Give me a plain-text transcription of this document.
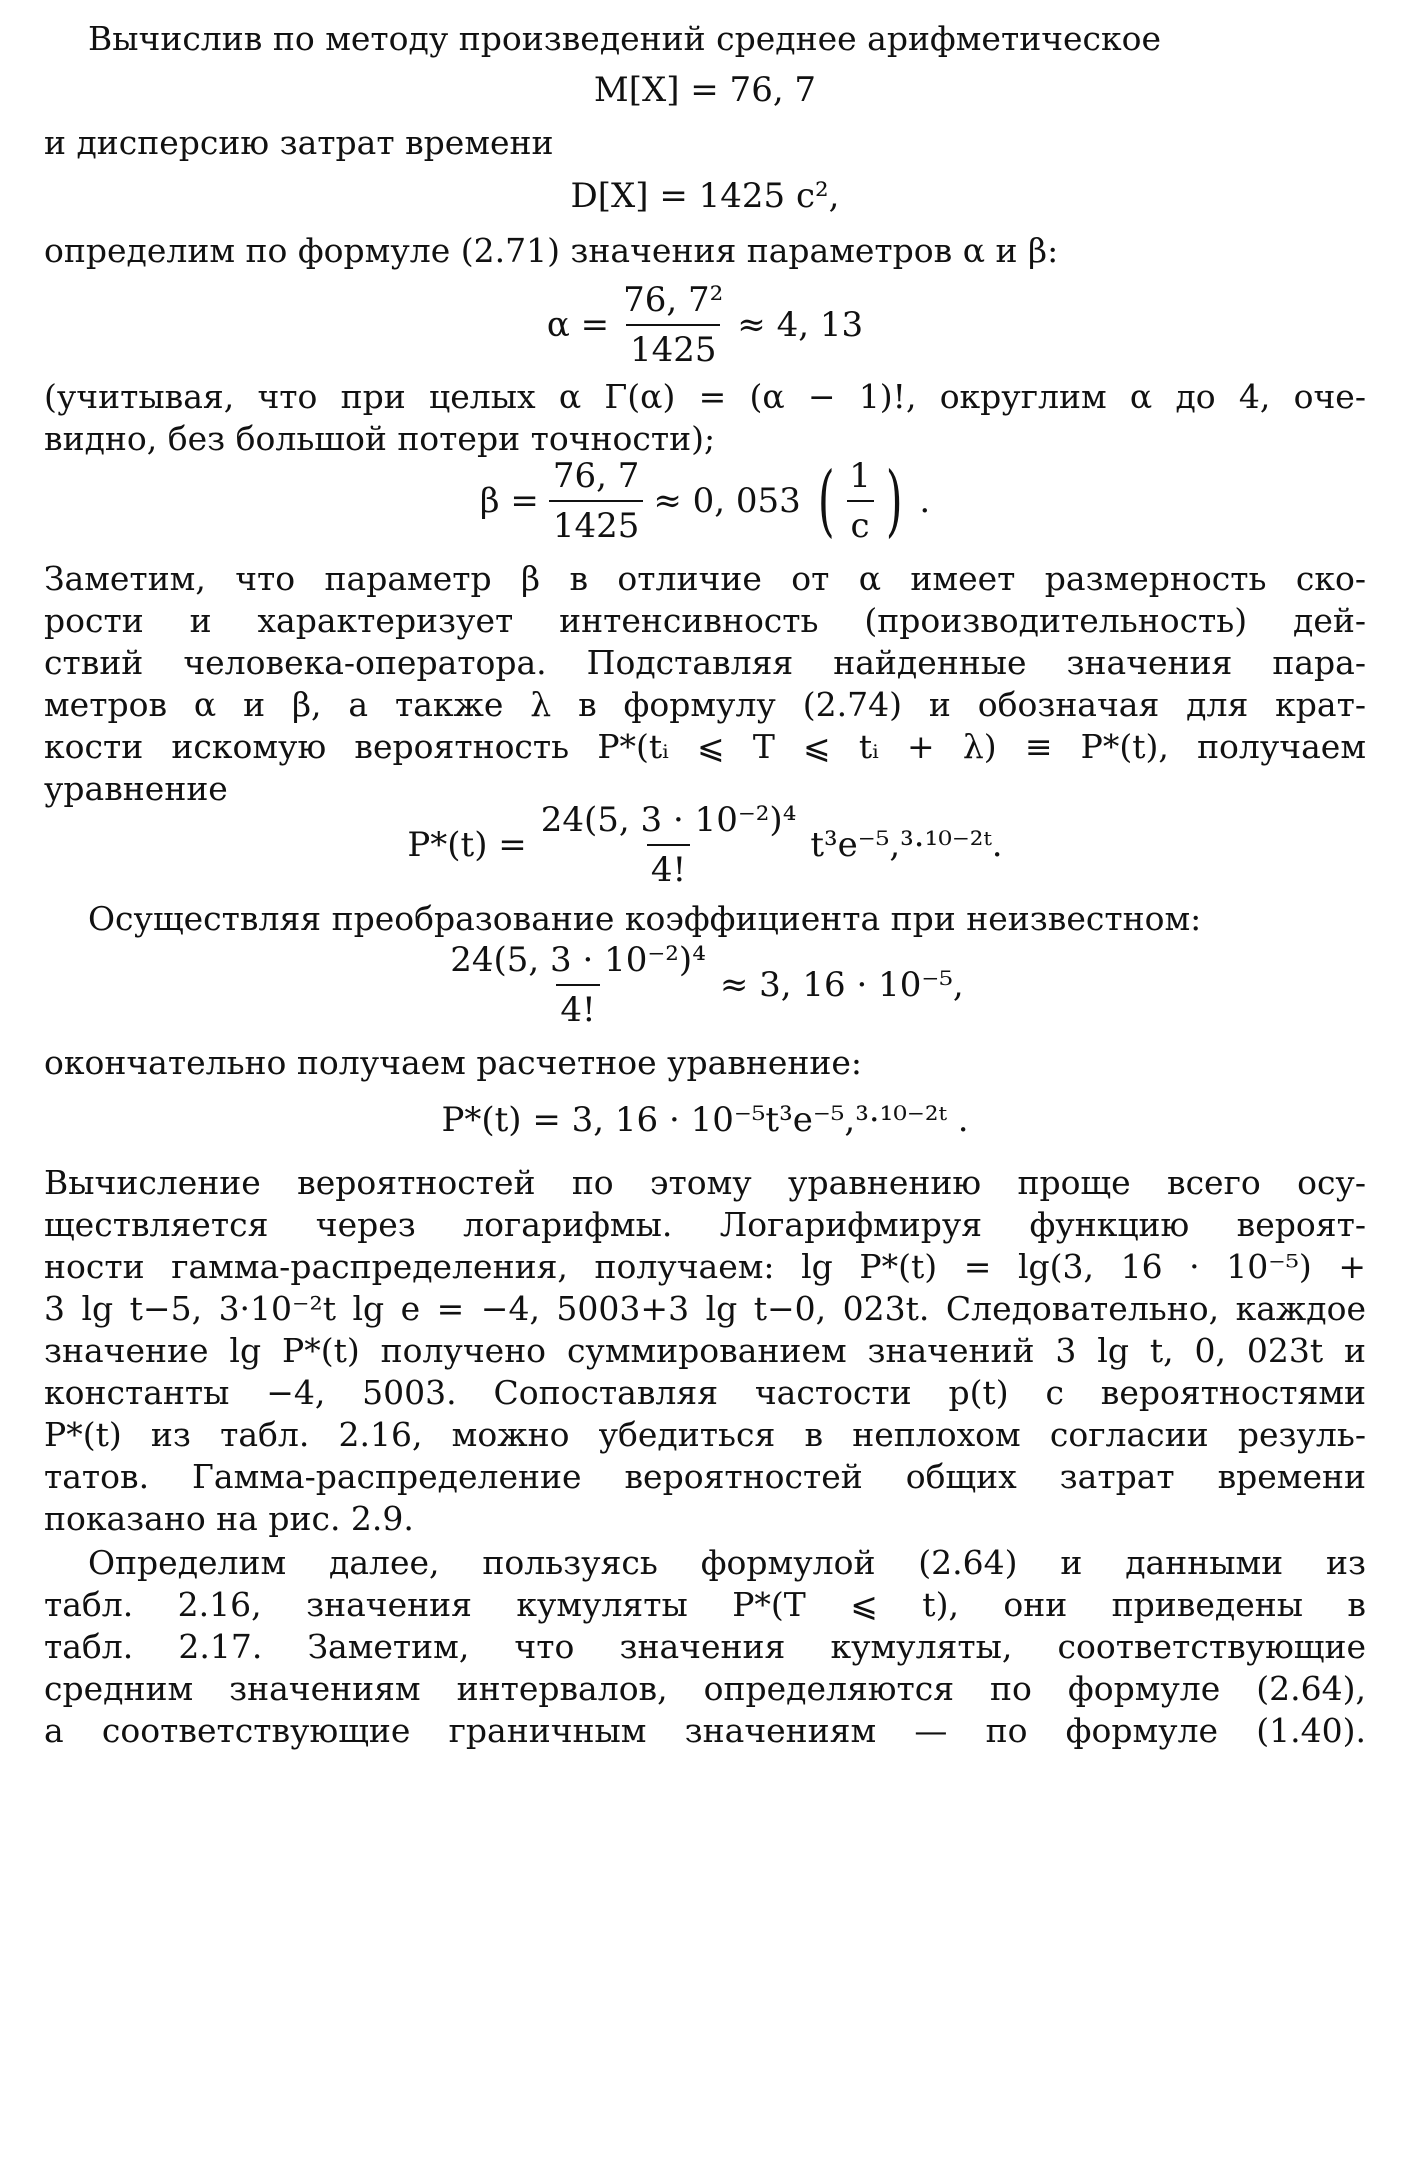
Вычислив по методу произведений среднее арифметическое
M[X] = 76, 7
и дисперсию затрат времени
D[X] = 1425 c²,
определим по формуле (2.71) значения параметров α и β:
$\alpha = \frac{\text{76, 7²}}{1425} \approx 4$, 13
(учитывая, что при целых α Γ(α) = (α − 1)!, округлим α до 4, оче-
видно, без большой потери точности);
$\beta = \frac{76, 7}{1425} \approx 0$, 053 ( $\frac{1}{c}$ ) .
Заметим, что параметр β в отличие от α имеет размерность ско-
рости и характеризует интенсивность (производительность) дей-
ствий человека-оператора. Подставляя найденные значения пара-
метров α и β, а также λ в формулу (2.74) и обозначая для крат-
кости искомую вероятность P*(tᵢ ⩽ T ⩽ tᵢ + λ) ≡ P*(t), получаем
уравнение
$P*(t) = \frac{\text{24(5, 3 · 10⁻²)⁴}}{4!}$ t³e⁻⁵,³·¹⁰⁻²ᵗ.
Осуществляя преобразование коэффициента при неизвестном:
$\frac{\text{24(5, 3 · 10⁻²)⁴}}{4!} \approx 3$, 16 · 10⁻⁵,
окончательно получаем расчетное уравнение:
P*(t) = 3, 16 · 10⁻⁵t³e⁻⁵,³·¹⁰⁻²ᵗ .
Вычисление вероятностей по этому уравнению проще всего осу-
ществляется через логарифмы. Логарифмируя функцию вероят-
ности гамма-распределения, получаем: lg P*(t) = lg(3, 16 · 10⁻⁵) +
3 lg t−5, 3·10⁻²t lg e = −4, 5003+3 lg t−0, 023t. Следовательно, каждое
значение lg P*(t) получено суммированием значений 3 lg t, 0, 023t и
константы −4, 5003. Сопоставляя частости p(t) с вероятностями
P*(t) из табл. 2.16, можно убедиться в неплохом согласии резуль-
татов. Гамма-распределение вероятностей общих затрат времени
показано на рис. 2.9.
Определим далее, пользуясь формулой (2.64) и данными из
табл. 2.16, значения кумуляты P*(T ⩽ t), они приведены в
табл. 2.17. Заметим, что значения кумуляты, соответствующие
средним значениям интервалов, определяются по формуле (2.64),
а соответствующие граничным значениям — по формуле (1.40).
